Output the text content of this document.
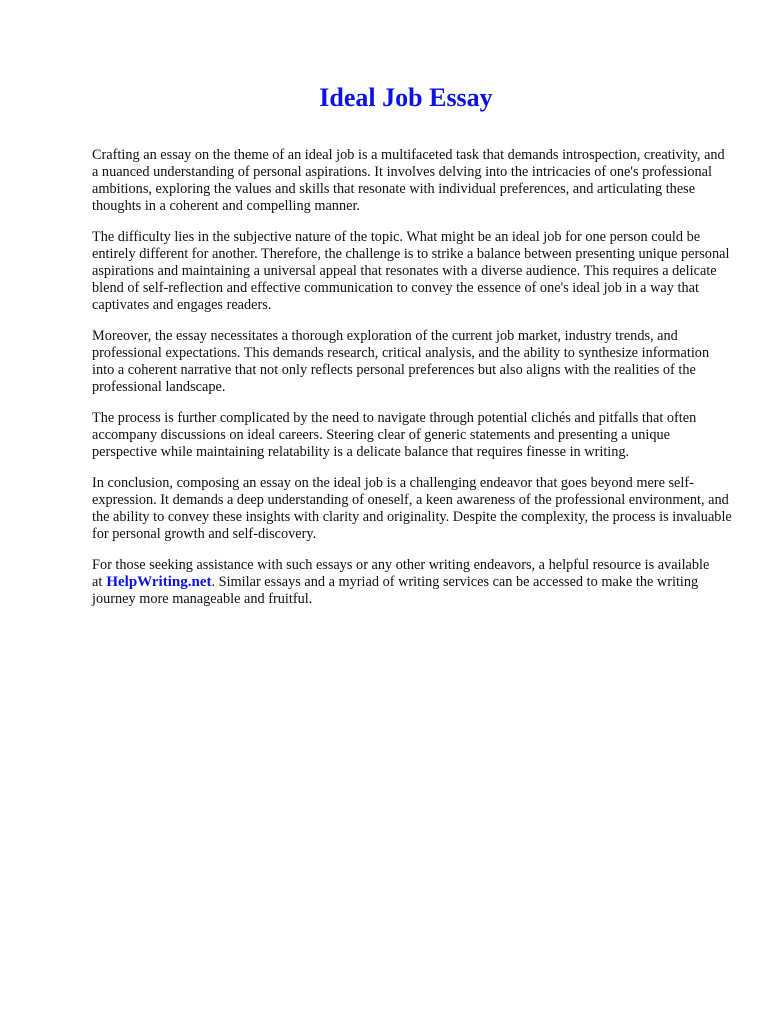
Ideal Job Essay

Crafting an essay on the theme of an ideal job is a multifaceted task that demands introspection, creativity, and a nuanced understanding of personal aspirations. It involves delving into the intricacies of one's professional ambitions, exploring the values and skills that resonate with individual preferences, and articulating these thoughts in a coherent and compelling manner.

The difficulty lies in the subjective nature of the topic. What might be an ideal job for one person could be entirely different for another. Therefore, the challenge is to strike a balance between presenting unique personal aspirations and maintaining a universal appeal that resonates with a diverse audience. This requires a delicate blend of self-reflection and effective communication to convey the essence of one's ideal job in a way that captivates and engages readers.

Moreover, the essay necessitates a thorough exploration of the current job market, industry trends, and professional expectations. This demands research, critical analysis, and the ability to synthesize information into a coherent narrative that not only reflects personal preferences but also aligns with the realities of the professional landscape.

The process is further complicated by the need to navigate through potential clichés and pitfalls that often accompany discussions on ideal careers. Steering clear of generic statements and presenting a unique perspective while maintaining relatability is a delicate balance that requires finesse in writing.

In conclusion, composing an essay on the ideal job is a challenging endeavor that goes beyond mere self-expression. It demands a deep understanding of oneself, a keen awareness of the professional environment, and the ability to convey these insights with clarity and originality. Despite the complexity, the process is invaluable for personal growth and self-discovery.

For those seeking assistance with such essays or any other writing endeavors, a helpful resource is available at HelpWriting.net. Similar essays and a myriad of writing services can be accessed to make the writing journey more manageable and fruitful.
